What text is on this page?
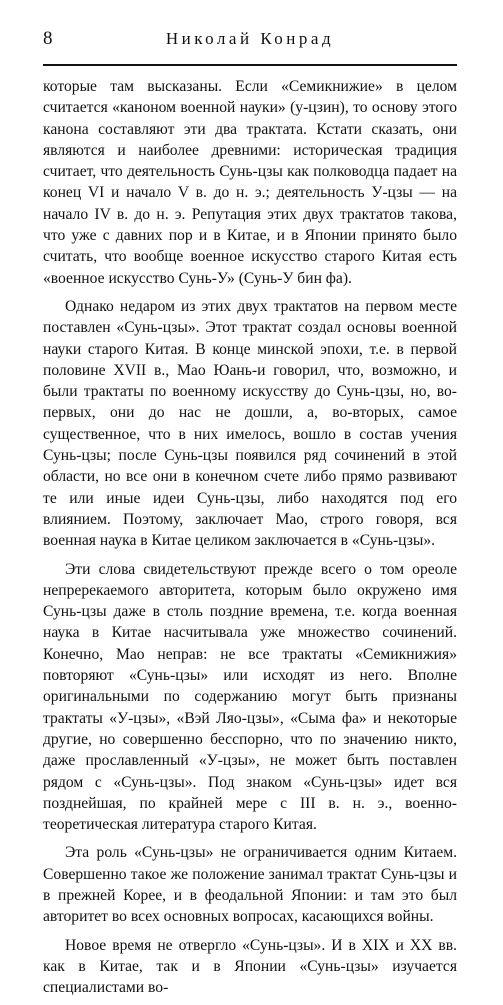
8	Николай Конрад

которые там высказаны. Если «Семикнижие» в целом считается «каноном военной науки» (у-цзин), то основу этого канона составляют эти два трактата. Кстати сказать, они являются и наиболее древними: историческая традиция считает, что деятельность Сунь-цзы как полководца падает на конец VI и начало V в. до н. э.; деятельность У-цзы — на начало IV в. до н. э. Репутация этих двух трактатов такова, что уже с давних пор и в Китае, и в Японии принято было считать, что вообще военное искусство старого Китая есть «военное искусство Сунь-У» (Сунь-У бин фа).

Однако недаром из этих двух трактатов на первом месте поставлен «Сунь-цзы». Этот трактат создал основы военной науки старого Китая. В конце минской эпохи, т.е. в первой половине XVII в., Мао Юань-и говорил, что, возможно, и были трактаты по военному искусству до Сунь-цзы, но, во-первых, они до нас не дошли, а, во-вторых, самое существенное, что в них имелось, вошло в состав учения Сунь-цзы; после Сунь-цзы появился ряд сочинений в этой области, но все они в конечном счете либо прямо развивают те или иные идеи Сунь-цзы, либо находятся под его влиянием. Поэтому, заключает Мао, строго говоря, вся военная наука в Китае целиком заключается в «Сунь-цзы».

Эти слова свидетельствуют прежде всего о том ореоле непререкаемого авторитета, которым было окружено имя Сунь-цзы даже в столь поздние времена, т.е. когда военная наука в Китае насчитывала уже множество сочинений. Конечно, Мао неправ: не все трактаты «Семикнижия» повторяют «Сунь-цзы» или исходят из него. Вполне оригинальными по содержанию могут быть признаны трактаты «У-цзы», «Вэй Ляо-цзы», «Сыма фа» и некоторые другие, но совершенно бесспорно, что по значению никто, даже прославленный «У-цзы», не может быть поставлен рядом с «Сунь-цзы». Под знаком «Сунь-цзы» идет вся позднейшая, по крайней мере с III в. н. э., военно-теоретическая литература старого Китая.

Эта роль «Сунь-цзы» не ограничивается одним Китаем. Совершенно такое же положение занимал трактат Сунь-цзы и в прежней Корее, и в феодальной Японии: и там это был авторитет во всех основных вопросах, касающихся войны.

Новое время не отвергло «Сунь-цзы». И в XIX и XX вв. как в Китае, так и в Японии «Сунь-цзы» изучается специалистами во-
